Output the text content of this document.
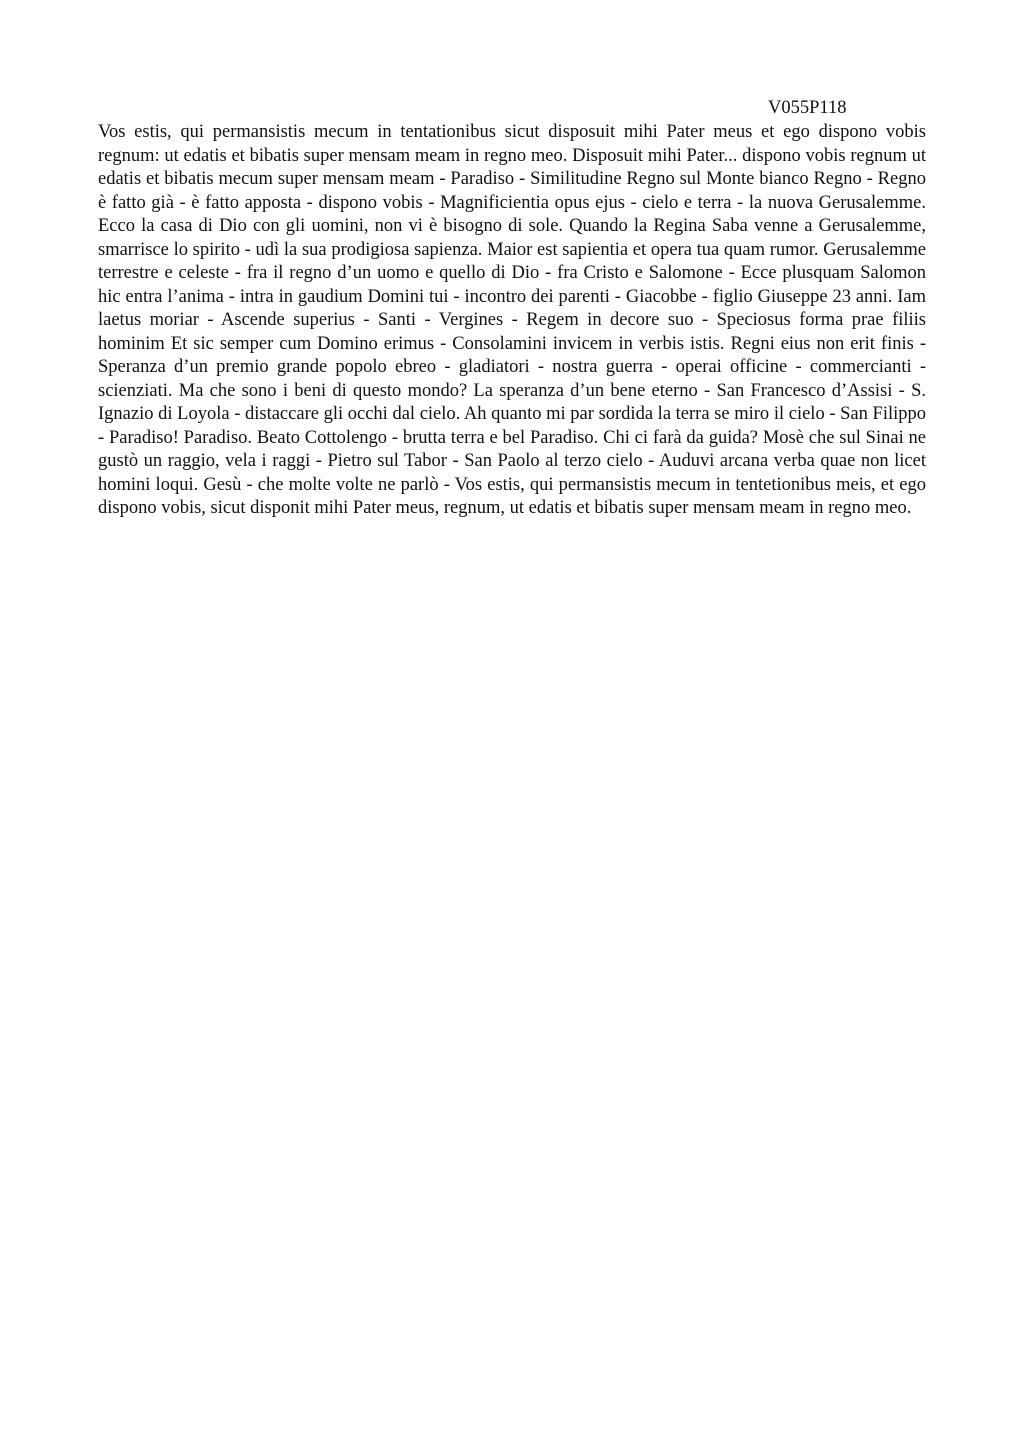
V055P118

Vos estis, qui permansistis mecum in tentationibus sicut disposuit mihi Pater meus et ego dispono vobis regnum: ut edatis et bibatis super mensam meam in regno meo. Disposuit mihi Pater... dispono vobis regnum ut edatis et bibatis mecum super mensam meam - Paradiso - Similitudine Regno sul Monte bianco Regno - Regno è fatto già - è fatto apposta - dispono vobis - Magnificientia opus ejus - cielo e terra - la nuova Gerusalemme. Ecco la casa di Dio con gli uomini, non vi è bisogno di sole. Quando la Regina Saba venne a Gerusalemme, smarrisce lo spirito - udì la sua prodigiosa sapienza. Maior est sapientia et opera tua quam rumor. Gerusalemme terrestre e celeste - fra il regno d’un uomo e quello di Dio - fra Cristo e Salomone - Ecce plusquam Salomon hic entra l’anima - intra in gaudium Domini tui - incontro dei parenti - Giacobbe - figlio Giuseppe 23 anni. Iam laetus moriar - Ascende superius - Santi - Vergines - Regem in decore suo - Speciosus forma prae filiis hominim Et sic semper cum Domino erimus - Consolamini invicem in verbis istis. Regni eius non erit finis - Speranza d’un premio grande popolo ebreo - gladiatori - nostra guerra - operai officine - commercianti - scienziati. Ma che sono i beni di questo mondo? La speranza d’un bene eterno - San Francesco d’Assisi - S. Ignazio di Loyola - distaccare gli occhi dal cielo. Ah quanto mi par sordida la terra se miro il cielo - San Filippo - Paradiso! Paradiso. Beato Cottolengo - brutta terra e bel Paradiso. Chi ci farà da guida? Mosè che sul Sinai ne gustò un raggio, vela i raggi - Pietro sul Tabor - San Paolo al terzo cielo - Auduvi arcana verba quae non licet homini loqui. Gesù - che molte volte ne parlò - Vos estis, qui permansistis mecum in tentetionibus meis, et ego dispono vobis, sicut disponit mihi Pater meus, regnum, ut edatis et bibatis super mensam meam in regno meo.
